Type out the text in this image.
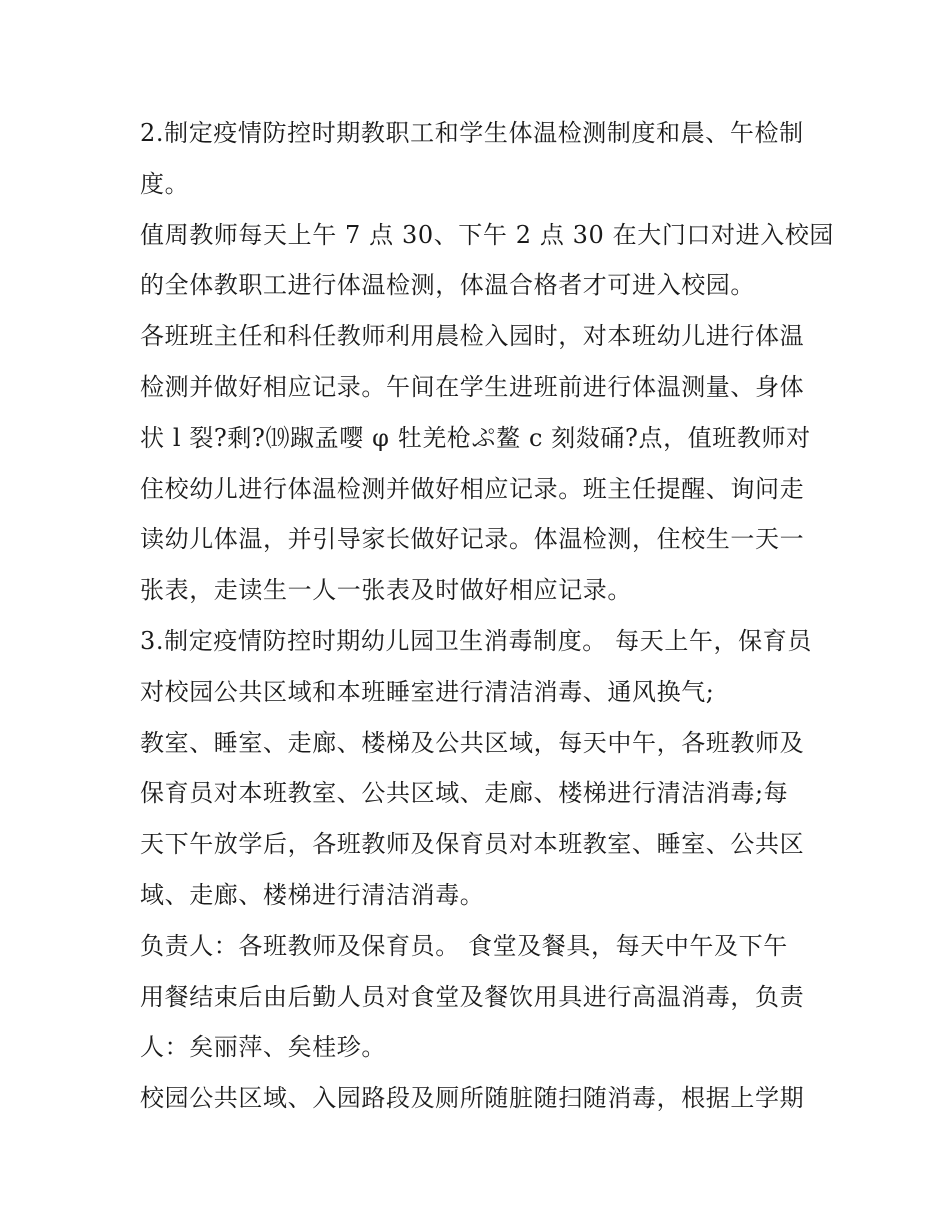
2.制定疫情防控时期教职工和学生体温检测制度和晨、午检制
度。
值周教师每天上午 7 点 30、下午 2 点 30 在大门口对进入校园
的全体教职工进行体温检测，体温合格者才可进入校园。
各班班主任和科任教师利用晨检入园时，对本班幼儿进行体温
检测并做好相应记录。午间在学生进班前进行体温测量、身体
状 l 裂?剩?⒆踧孟嘤 φ 牡羌枪ぷ鳌 c 刻敥硧?点，值班教师对
住校幼儿进行体温检测并做好相应记录。班主任提醒、询问走
读幼儿体温，并引导家长做好记录。体温检测，住校生一天一
张表，走读生一人一张表及时做好相应记录。
3.制定疫情防控时期幼儿园卫生消毒制度。 每天上午，保育员
对校园公共区域和本班睡室进行清洁消毒、通风换气;
教室、睡室、走廊、楼梯及公共区域，每天中午，各班教师及
保育员对本班教室、公共区域、走廊、楼梯进行清洁消毒;每
天下午放学后，各班教师及保育员对本班教室、睡室、公共区
域、走廊、楼梯进行清洁消毒。
负责人：各班教师及保育员。 食堂及餐具，每天中午及下午
用餐结束后由后勤人员对食堂及餐饮用具进行高温消毒，负责
人：矣丽萍、矣桂珍。
校园公共区域、入园路段及厕所随脏随扫随消毒，根据上学期
